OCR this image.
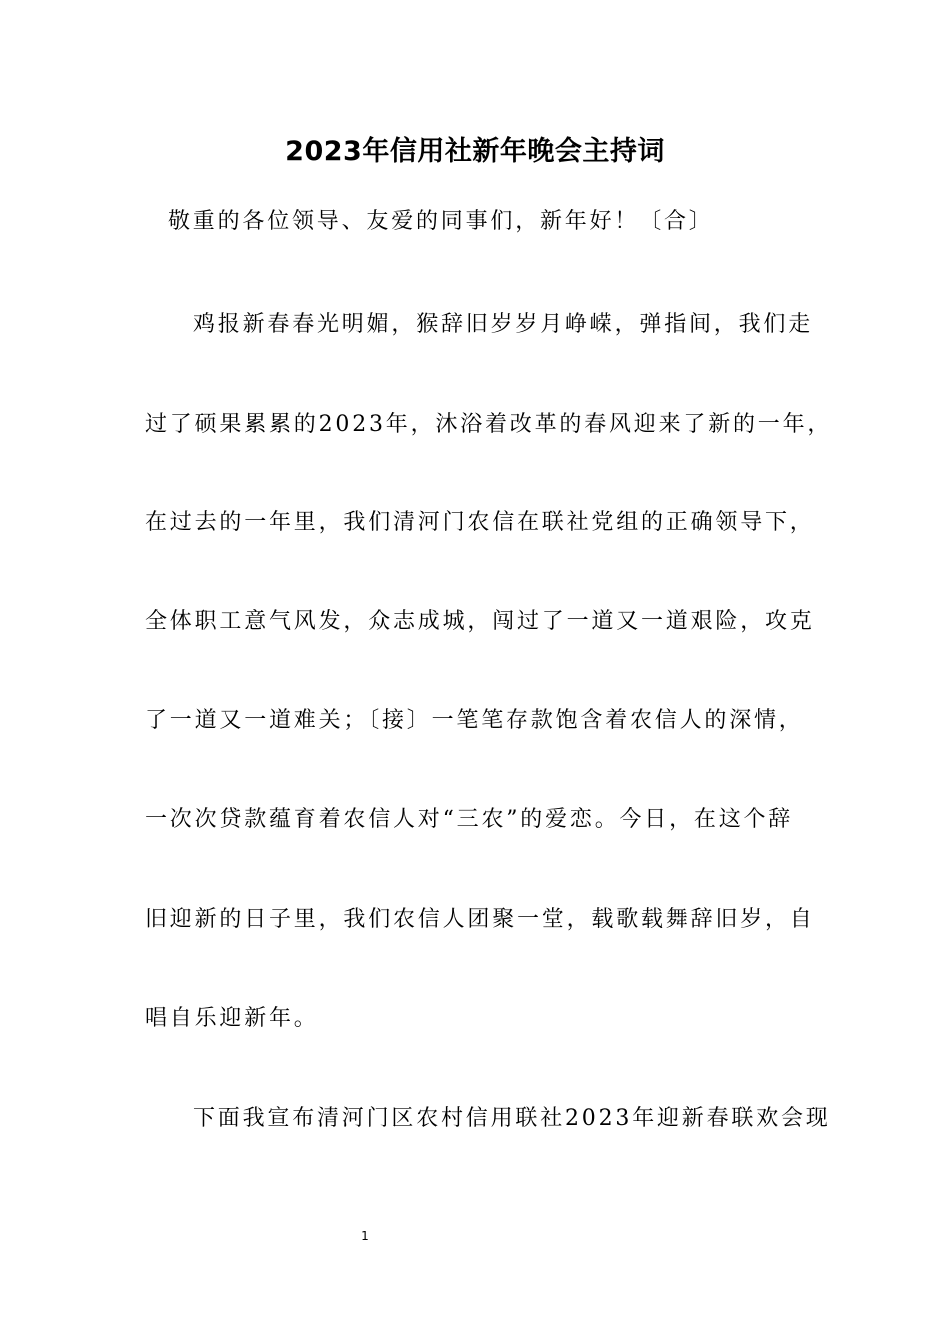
2023年信用社新年晚会主持词
敬重的各位领导、友爱的同事们，新年好！〔合〕
鸡报新春春光明媚，猴辞旧岁岁月峥嵘，弹指间，我们走
过了硕果累累的2023年，沐浴着改革的春风迎来了新的一年，
在过去的一年里，我们清河门农信在联社党组的正确领导下，
全体职工意气风发，众志成城，闯过了一道又一道艰险，攻克
了一道又一道难关；〔接〕一笔笔存款饱含着农信人的深情，
一次次贷款蕴育着农信人对“三农”的爱恋。今日，在这个辞
旧迎新的日子里，我们农信人团聚一堂，载歌载舞辞旧岁，自
唱自乐迎新年。
下面我宣布清河门区农村信用联社2023年迎新春联欢会现
1
